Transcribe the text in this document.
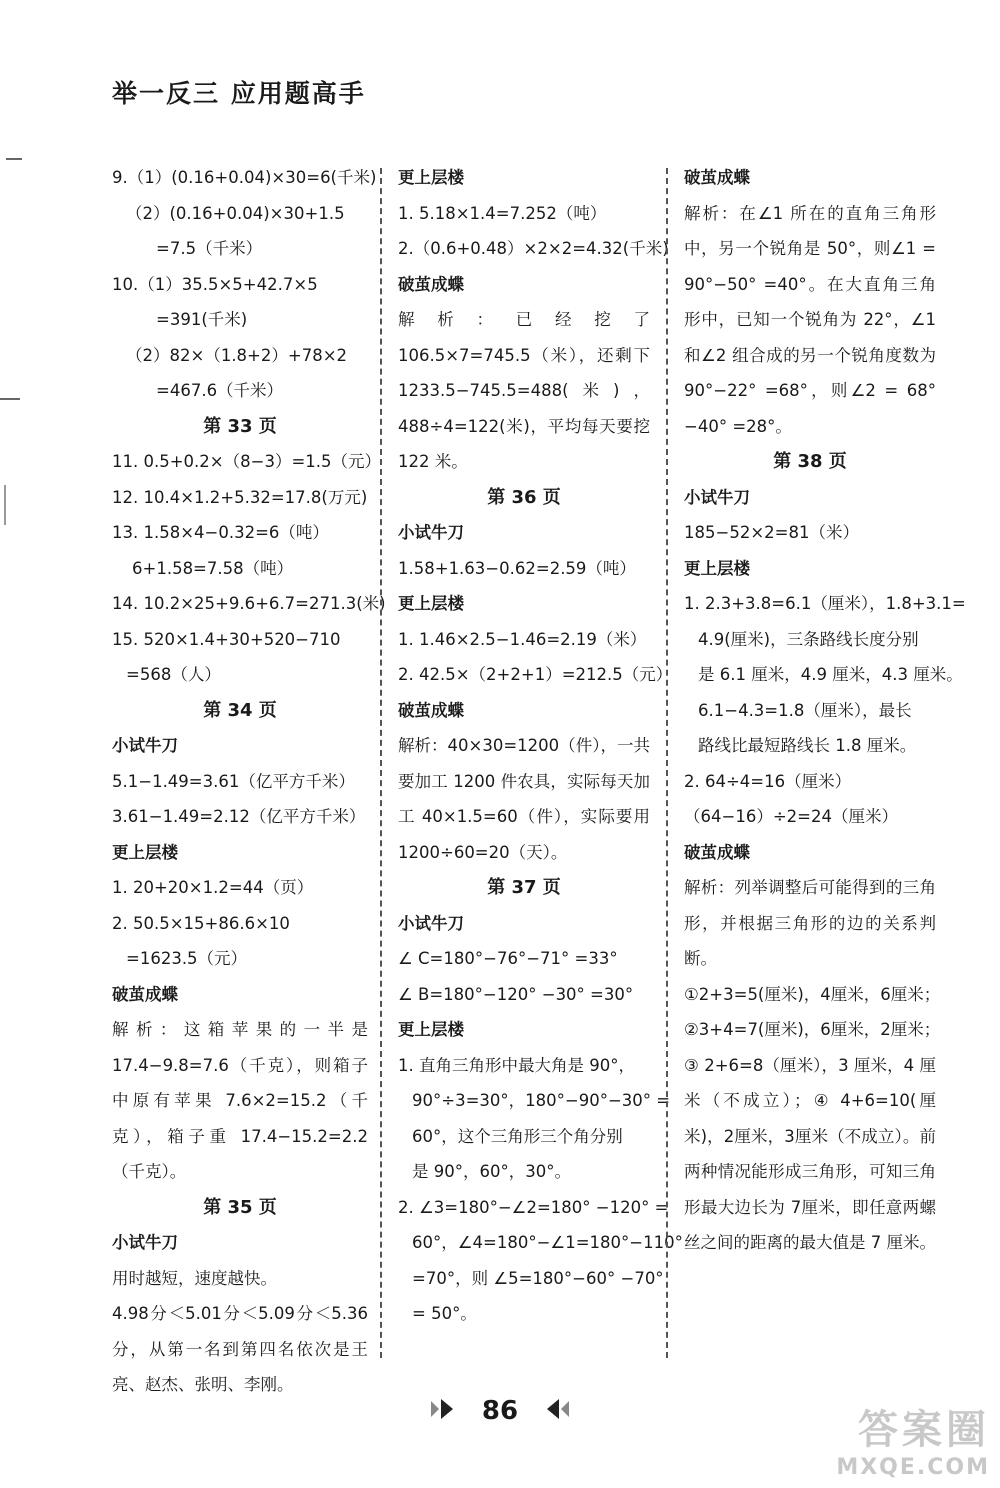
举一反三 应用题高手
9.（1）(0.16+0.04)×30=6(千米)
（2）(0.16+0.04)×30+1.5
=7.5（千米）
10.（1）35.5×5+42.7×5
=391(千米)
（2）82×（1.8+2）+78×2
=467.6（千米）
第 33 页
11. 0.5+0.2×（8−3）=1.5（元）
12. 10.4×1.2+5.32=17.8(万元)
13. 1.58×4−0.32=6（吨）
6+1.58=7.58（吨）
14. 10.2×25+9.6+6.7=271.3(米)
15. 520×1.4+30+520−710
=568（人）
第 34 页
小试牛刀
5.1−1.49=3.61（亿平方千米）
3.61−1.49=2.12（亿平方千米）
更上层楼
1. 20+20×1.2=44（页）
2. 50.5×15+86.6×10
=1623.5（元）
破茧成蝶
解析：这箱苹果的一半是 17.4−9.8=7.6（千克），则箱子中原有苹果 7.6×2=15.2（千克），箱子重 17.4−15.2=2.2（千克）。
第 35 页
小试牛刀
用时越短，速度越快。
4.98分＜5.01分＜5.09分＜5.36分，从第一名到第四名依次是王亮、赵杰、张明、李刚。
更上层楼
1. 5.18×1.4=7.252（吨）
2.（0.6+0.48）×2×2=4.32(千米)
破茧成蝶
解析：已经挖了 106.5×7=745.5（米），还剩下 1233.5−745.5=488(米)，488÷4=122(米)，平均每天要挖 122 米。
第 36 页
小试牛刀
1.58+1.63−0.62=2.59（吨）
更上层楼
1. 1.46×2.5−1.46=2.19（米）
2. 42.5×（2+2+1）=212.5（元）
破茧成蝶
解析：40×30=1200（件），一共要加工 1200 件农具，实际每天加工 40×1.5=60（件），实际要用 1200÷60=20（天）。
第 37 页
小试牛刀
∠ C=180°−76°−71° =33°
∠ B=180°−120° −30° =30°
更上层楼
1. 直角三角形中最大角是 90°，
90°÷3=30°，180°−90°−30° =
60°，这个三角形三个角分别
是 90°，60°，30°。
2. ∠3=180°−∠2=180° −120° =
60°，∠4=180°−∠1=180°−110°
=70°，则 ∠5=180°−60° −70°
= 50°。
破茧成蝶
解析：在∠1 所在的直角三角形中，另一个锐角是 50°，则∠1 = 90°−50° =40°。在大直角三角形中，已知一个锐角为 22°，∠1 和∠2 组合成的另一个锐角度数为 90°−22° =68°，则∠2 = 68°−40° =28°。
第 38 页
小试牛刀
185−52×2=81（米）
更上层楼
1. 2.3+3.8=6.1（厘米），1.8+3.1=
4.9(厘米)，三条路线长度分别
是 6.1 厘米，4.9 厘米，4.3 厘米。
6.1−4.3=1.8（厘米），最长
路线比最短路线长 1.8 厘米。
2. 64÷4=16（厘米）
（64−16）÷2=24（厘米）
破茧成蝶
解析：列举调整后可能得到的三角形，并根据三角形的边的关系判断。
①2+3=5(厘米)，4厘米，6厘米；
②3+4=7(厘米)，6厘米，2厘米；
③ 2+6=8（厘米），3 厘米，4 厘米（不成立）；④ 4+6=10(厘米)，2厘米，3厘米（不成立）。前两种情况能形成三角形，可知三角形最大边长为 7厘米，即任意两螺丝之间的距离的最大值是 7 厘米。
86	答案圈
MXQE.COM
